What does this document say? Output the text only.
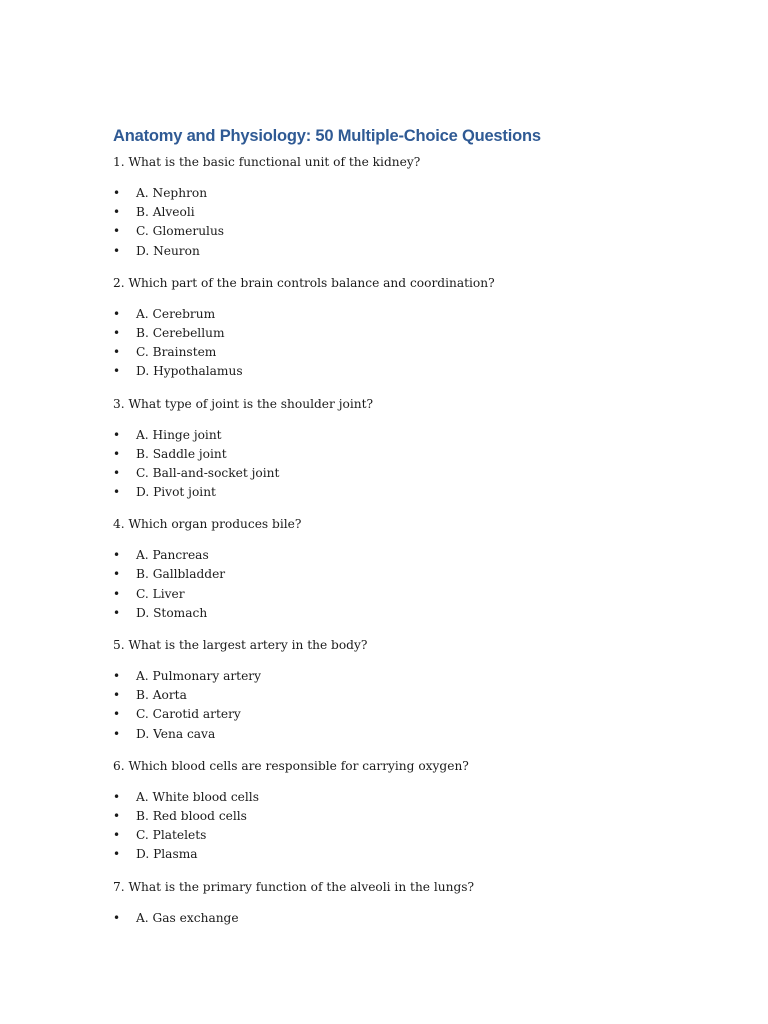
Anatomy and Physiology: 50 Multiple-Choice Questions

1. What is the basic functional unit of the kidney?

• A. Nephron
• B. Alveoli
• C. Glomerulus
• D. Neuron

2. Which part of the brain controls balance and coordination?

• A. Cerebrum
• B. Cerebellum
• C. Brainstem
• D. Hypothalamus

3. What type of joint is the shoulder joint?

• A. Hinge joint
• B. Saddle joint
• C. Ball-and-socket joint
• D. Pivot joint

4. Which organ produces bile?

• A. Pancreas
• B. Gallbladder
• C. Liver
• D. Stomach

5. What is the largest artery in the body?

• A. Pulmonary artery
• B. Aorta
• C. Carotid artery
• D. Vena cava

6. Which blood cells are responsible for carrying oxygen?

• A. White blood cells
• B. Red blood cells
• C. Platelets
• D. Plasma

7. What is the primary function of the alveoli in the lungs?

• A. Gas exchange
